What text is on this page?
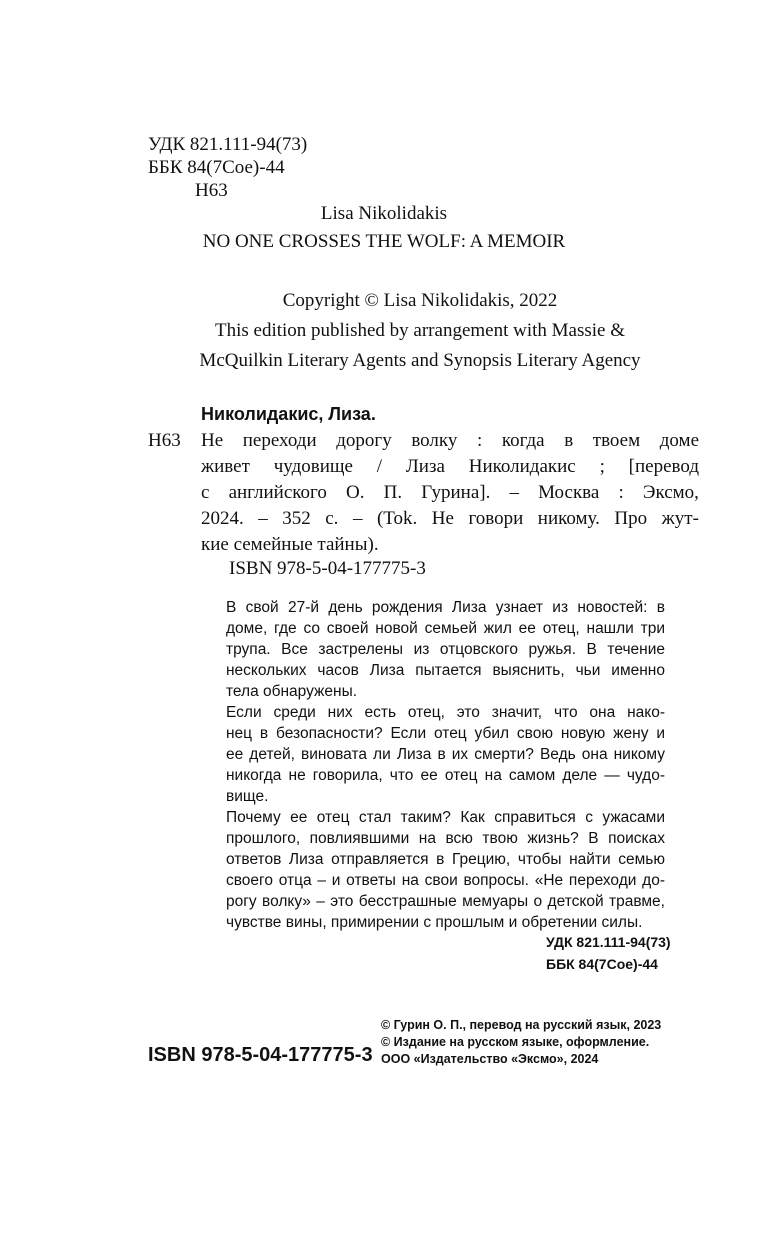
УДК 821.111-94(73)
ББК 84(7Сое)-44
Н63
Lisa Nikolidakis
NO ONE CROSSES THE WOLF: A MEMOIR
Copyright © Lisa Nikolidakis, 2022
This edition published by arrangement with Massie &
McQuilkin Literary Agents and Synopsis Literary Agency
Николидакис, Лиза.
Н63 Не переходи дорогу волку : когда в твоем доме
живет чудовище / Лиза Николидакис ; [перевод
с английского О. П. Гурина]. – Москва : Эксмо,
2024. – 352 с. – (Tok. Не говори никому. Про жут-
кие семейные тайны).
ISBN 978-5-04-177775-3

В свой 27-й день рождения Лиза узнает из новостей: в
доме, где со своей новой семьей жил ее отец, нашли три
трупа. Все застрелены из отцовского ружья. В течение
нескольких часов Лиза пытается выяснить, чьи именно
тела обнаружены.

Если среди них есть отец, это значит, что она нако-
нец в безопасности? Если отец убил свою новую жену и
ее детей, виновата ли Лиза в их смерти? Ведь она никому
никогда не говорила, что ее отец на самом деле — чудо-
вище.

Почему ее отец стал таким? Как справиться с ужасами
прошлого, повлиявшими на всю твою жизнь? В поисках
ответов Лиза отправляется в Грецию, чтобы найти семью
своего отца – и ответы на свои вопросы. «Не переходи до-
рогу волку» – это бесстрашные мемуары о детской травме,
чувстве вины, примирении с прошлым и обретении силы.

УДК 821.111-94(73)
ББК 84(7Сое)-44
ISBN 978-5-04-177775-3
© Гурин О. П., перевод на русский язык, 2023
© Издание на русском языке, оформление.
ООО «Издательство «Эксмо», 2024
